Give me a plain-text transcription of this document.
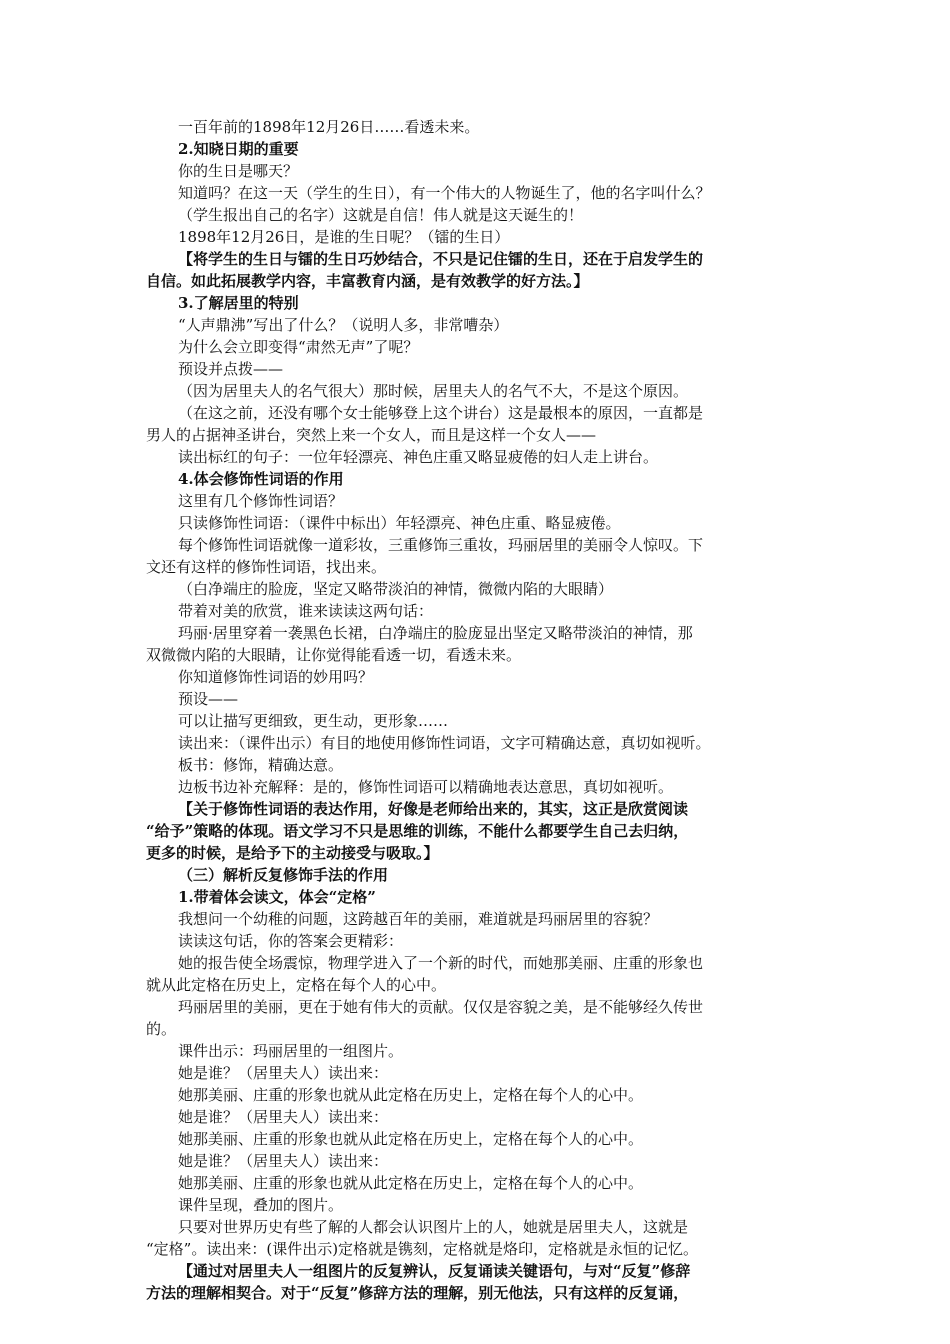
一百年前的1898年12月26日……看透未来。
2.知晓日期的重要
你的生日是哪天？
知道吗？在这一天（学生的生日），有一个伟大的人物诞生了，他的名字叫什么？
（学生报出自己的名字）这就是自信！伟人就是这天诞生的！
1898年12月26日，是谁的生日呢？（镭的生日）
【将学生的生日与镭的生日巧妙结合，不只是记住镭的生日，还在于启发学生的
自信。如此拓展教学内容，丰富教育内涵，是有效教学的好方法。】
3.了解居里的特别
“人声鼎沸”写出了什么？（说明人多，非常嘈杂）
为什么会立即变得“肃然无声”了呢？
预设并点拨——
（因为居里夫人的名气很大）那时候，居里夫人的名气不大，不是这个原因。
（在这之前，还没有哪个女士能够登上这个讲台）这是最根本的原因，一直都是
男人的占据神圣讲台，突然上来一个女人，而且是这样一个女人——
读出标红的句子：一位年轻漂亮、神色庄重又略显疲倦的妇人走上讲台。
4.体会修饰性词语的作用
这里有几个修饰性词语？
只读修饰性词语：（课件中标出）年轻漂亮、神色庄重、略显疲倦。
每个修饰性词语就像一道彩妆，三重修饰三重妆，玛丽居里的美丽令人惊叹。下
文还有这样的修饰性词语，找出来。
（白净端庄的脸庞，坚定又略带淡泊的神情，微微内陷的大眼睛）
带着对美的欣赏，谁来读读这两句话：
玛丽·居里穿着一袭黑色长裙，白净端庄的脸庞显出坚定又略带淡泊的神情，那
双微微内陷的大眼睛，让你觉得能看透一切，看透未来。
你知道修饰性词语的妙用吗？
预设——
可以让描写更细致，更生动，更形象……
读出来：（课件出示）有目的地使用修饰性词语，文字可精确达意，真切如视听。
板书：修饰，精确达意。
边板书边补充解释：是的，修饰性词语可以精确地表达意思，真切如视听。
【关于修饰性词语的表达作用，好像是老师给出来的，其实，这正是欣赏阅读
“给予”策略的体现。语文学习不只是思维的训练，不能什么都要学生自己去归纳，
更多的时候，是给予下的主动接受与吸取。】
（三）解析反复修饰手法的作用
1.带着体会读文，体会“定格”
我想问一个幼稚的问题，这跨越百年的美丽，难道就是玛丽居里的容貌？
读读这句话，你的答案会更精彩：
她的报告使全场震惊，物理学进入了一个新的时代，而她那美丽、庄重的形象也
就从此定格在历史上，定格在每个人的心中。
玛丽居里的美丽，更在于她有伟大的贡献。仅仅是容貌之美，是不能够经久传世
的。
课件出示：玛丽居里的一组图片。
她是谁？（居里夫人）读出来：
她那美丽、庄重的形象也就从此定格在历史上，定格在每个人的心中。
她是谁？（居里夫人）读出来：
她那美丽、庄重的形象也就从此定格在历史上，定格在每个人的心中。
她是谁？（居里夫人）读出来：
她那美丽、庄重的形象也就从此定格在历史上，定格在每个人的心中。
课件呈现，叠加的图片。
只要对世界历史有些了解的人都会认识图片上的人，她就是居里夫人，这就是
“定格”。读出来：(课件出示)定格就是镌刻，定格就是烙印，定格就是永恒的记忆。
【通过对居里夫人一组图片的反复辨认，反复诵读关键语句，与对“反复”修辞
方法的理解相契合。对于“反复”修辞方法的理解，别无他法，只有这样的反复诵，
